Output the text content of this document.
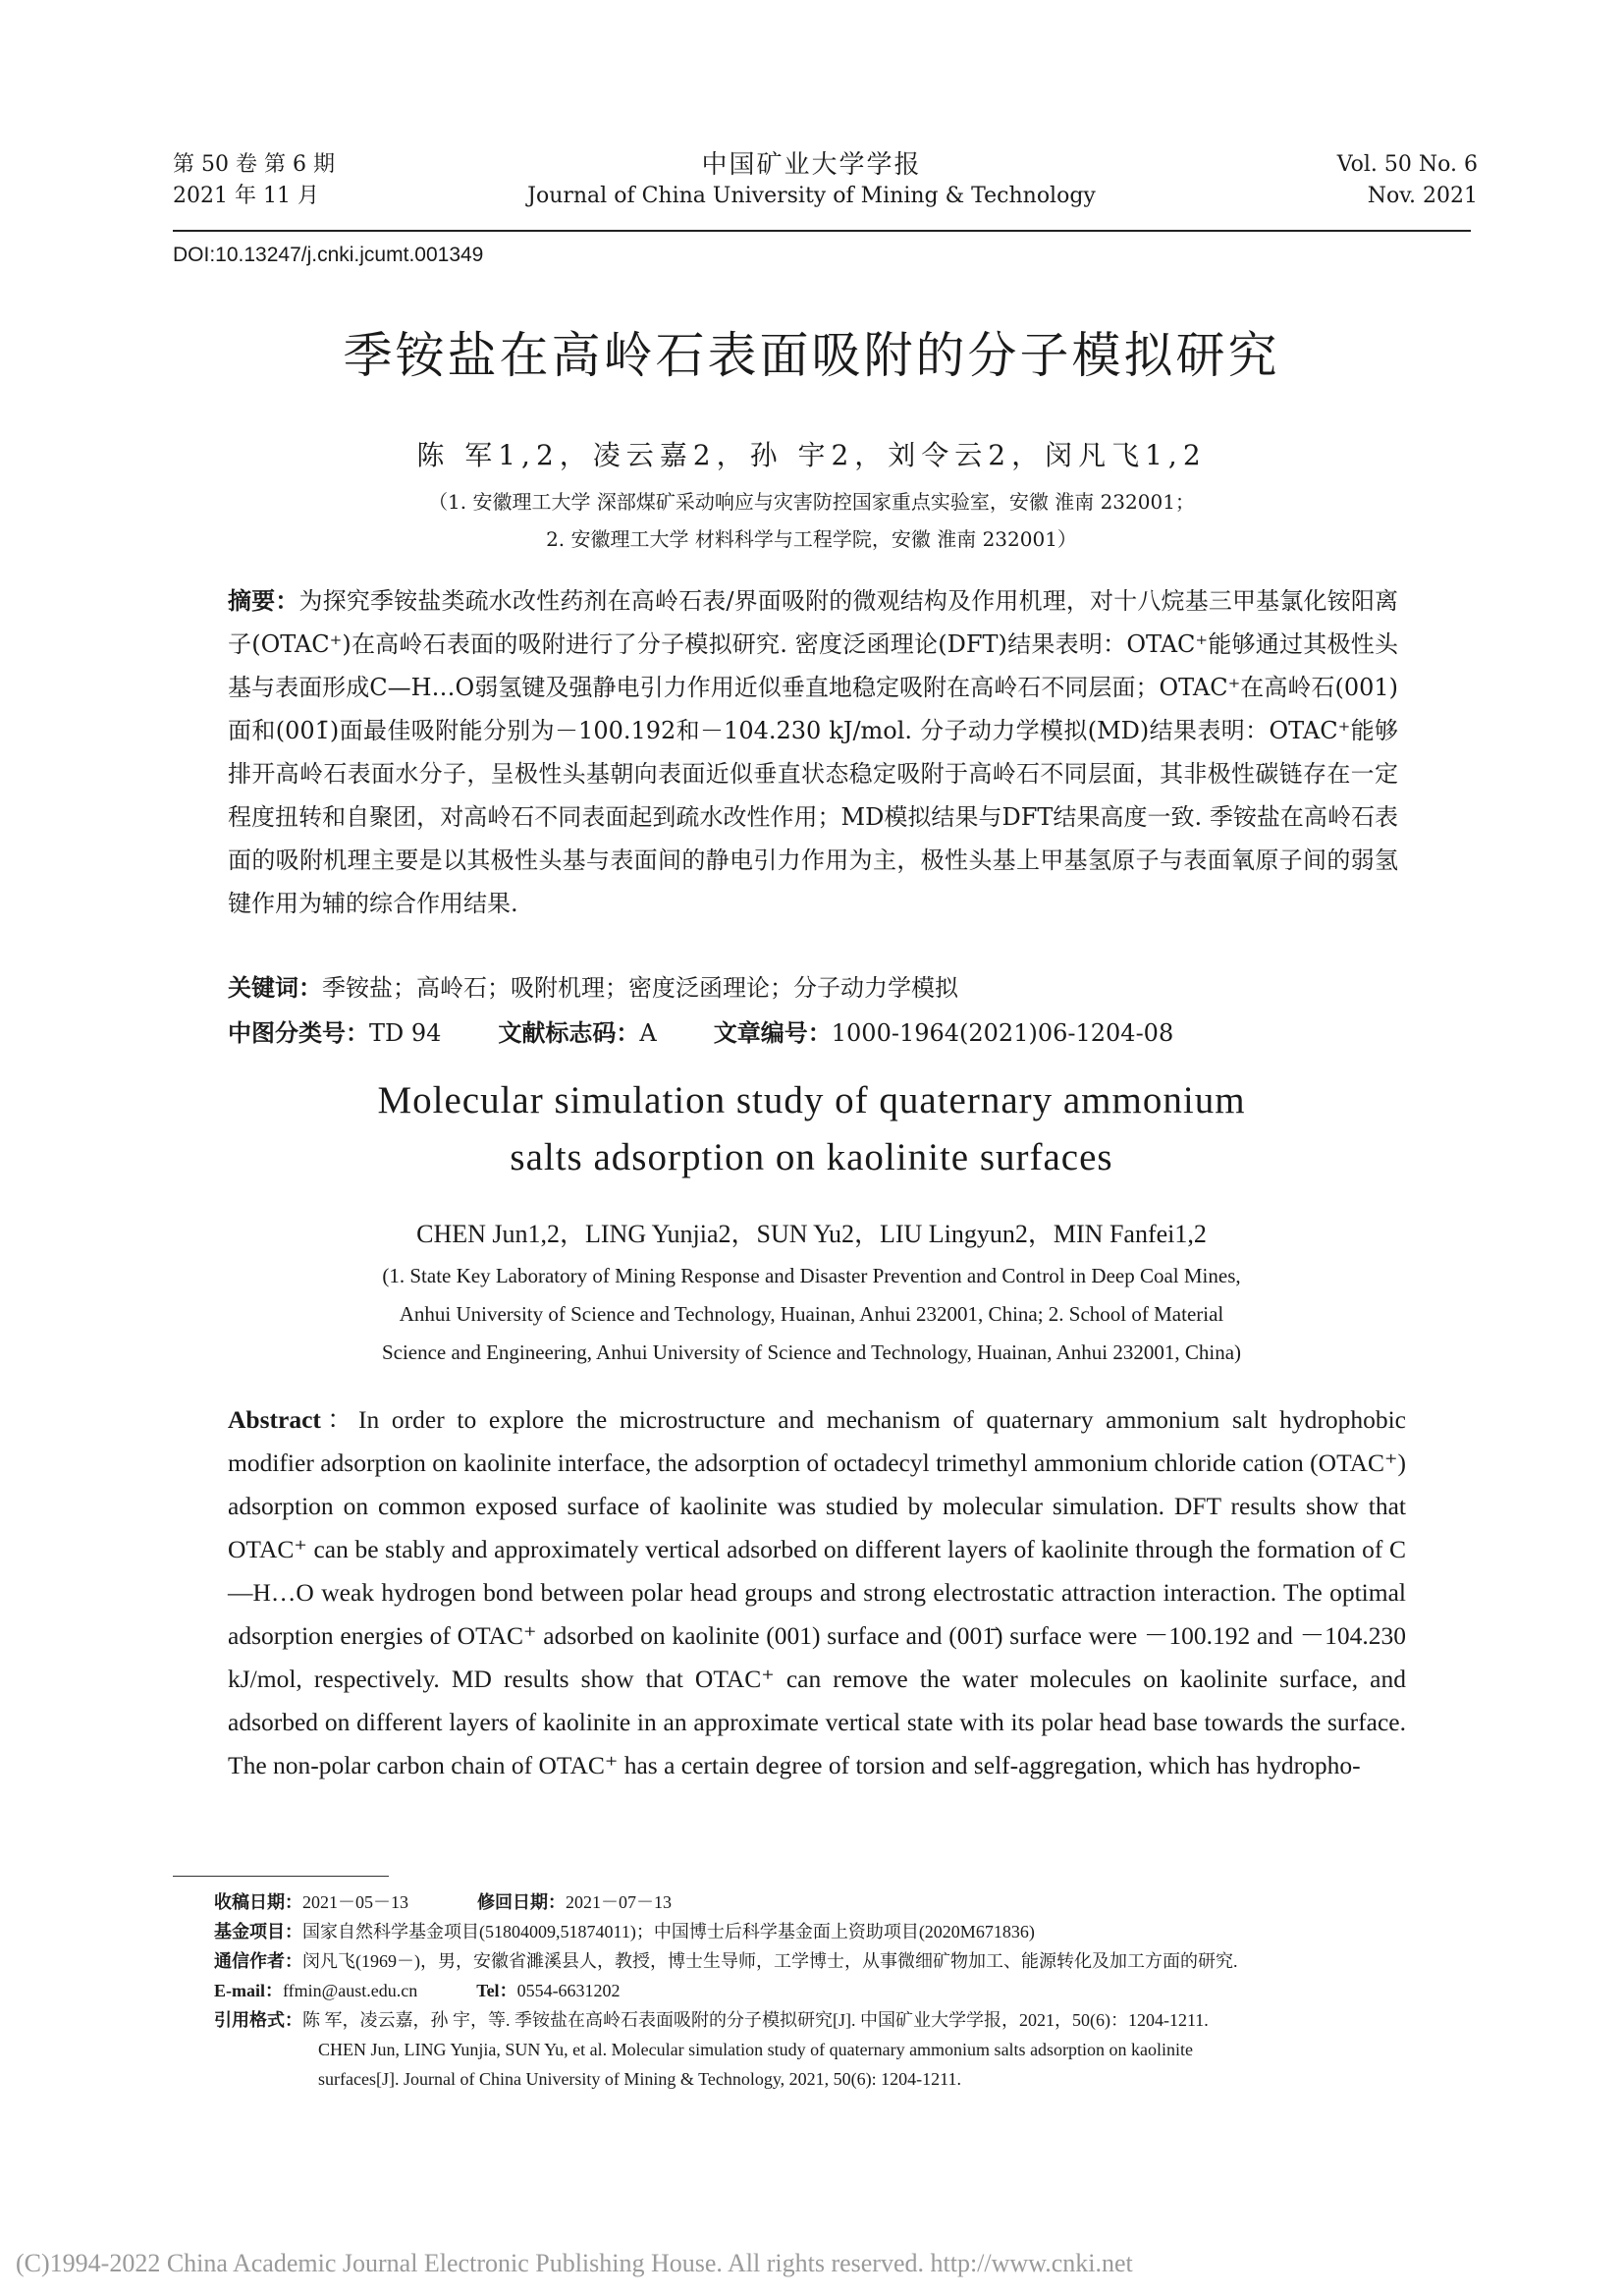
第 50 卷 第 6 期
2021 年 11 月
中国矿业大学学报
Journal of China University of Mining & Technology
Vol. 50 No. 6
Nov. 2021
DOI:10.13247/j.cnki.jcumt.001349
季铵盐在高岭石表面吸附的分子模拟研究
陈 军1,2，凌云嘉2，孙 宇2，刘令云2，闵凡飞1,2
（1. 安徽理工大学 深部煤矿采动响应与灾害防控国家重点实验室，安徽 淮南 232001；
2. 安徽理工大学 材料科学与工程学院，安徽 淮南 232001）
摘要：为探究季铵盐类疏水改性药剂在高岭石表/界面吸附的微观结构及作用机理，对十八烷基三甲基氯化铵阳离子(OTAC⁺)在高岭石表面的吸附进行了分子模拟研究. 密度泛函理论(DFT)结果表明：OTAC⁺能够通过其极性头基与表面形成C—H…O弱氢键及强静电引力作用近似垂直地稳定吸附在高岭石不同层面；OTAC⁺在高岭石(001)面和(001̄)面最佳吸附能分别为－100.192和－104.230 kJ/mol. 分子动力学模拟(MD)结果表明：OTAC⁺能够排开高岭石表面水分子，呈极性头基朝向表面近似垂直状态稳定吸附于高岭石不同层面，其非极性碳链存在一定程度扭转和自聚团，对高岭石不同表面起到疏水改性作用；MD模拟结果与DFT结果高度一致. 季铵盐在高岭石表面的吸附机理主要是以其极性头基与表面间的静电引力作用为主，极性头基上甲基氢原子与表面氧原子间的弱氢键作用为辅的综合作用结果.
关键词：季铵盐；高岭石；吸附机理；密度泛函理论；分子动力学模拟
中图分类号：TD 94 文献标志码：A 文章编号：1000-1964(2021)06-1204-08
Molecular simulation study of quaternary ammonium
salts adsorption on kaolinite surfaces
CHEN Jun1,2，LING Yunjia2，SUN Yu2，LIU Lingyun2，MIN Fanfei1,2
(1. State Key Laboratory of Mining Response and Disaster Prevention and Control in Deep Coal Mines,
Anhui University of Science and Technology, Huainan, Anhui 232001, China; 2. School of Material
Science and Engineering, Anhui University of Science and Technology, Huainan, Anhui 232001, China)
Abstract：In order to explore the microstructure and mechanism of quaternary ammonium salt hydrophobic modifier adsorption on kaolinite interface, the adsorption of octadecyl trimethyl ammonium chloride cation (OTAC⁺) adsorption on common exposed surface of kaolinite was studied by molecular simulation. DFT results show that OTAC⁺ can be stably and approximately vertical adsorbed on different layers of kaolinite through the formation of C—H…O weak hydrogen bond between polar head groups and strong electrostatic attraction interaction. The optimal adsorption energies of OTAC⁺ adsorbed on kaolinite (001) surface and (001̄) surface were －100.192 and －104.230 kJ/mol, respectively. MD results show that OTAC⁺ can remove the water molecules on kaolinite surface, and adsorbed on different layers of kaolinite in an approximate vertical state with its polar head base towards the surface. The non-polar carbon chain of OTAC⁺ has a certain degree of torsion and self-aggregation, which has hydropho-
收稿日期：2021－05－13	修回日期：2021－07－13
基金项目：国家自然科学基金项目(51804009,51874011)；中国博士后科学基金面上资助项目(2020M671836)
通信作者：闵凡飞(1969－)，男，安徽省濉溪县人，教授，博士生导师，工学博士，从事微细矿物加工、能源转化及加工方面的研究.
E-mail：ffmin@aust.edu.cn	Tel：0554-6631202
引用格式：陈 军，凌云嘉，孙 宇，等. 季铵盐在高岭石表面吸附的分子模拟研究[J]. 中国矿业大学学报，2021，50(6)：1204-1211.
CHEN Jun, LING Yunjia, SUN Yu, et al. Molecular simulation study of quaternary ammonium salts adsorption on kaolinite
surfaces[J]. Journal of China University of Mining & Technology, 2021, 50(6): 1204-1211.
(C)1994-2022 China Academic Journal Electronic Publishing House. All rights reserved. http://www.cnki.net
